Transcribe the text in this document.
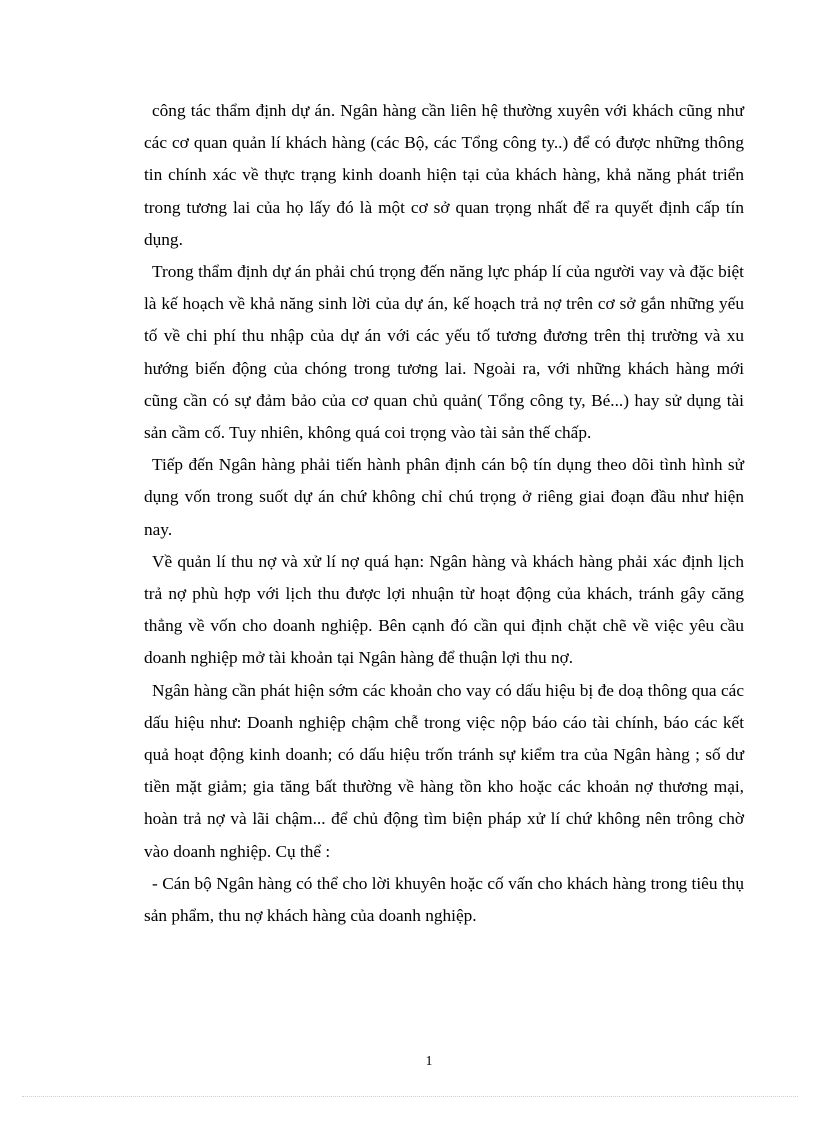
công tác thẩm định dự án. Ngân hàng cần liên hệ thường xuyên với khách cũng như các cơ quan quản lí khách hàng (các Bộ, các Tổng công ty..) để có được những thông tin chính xác về thực trạng kinh doanh hiện tại của khách hàng, khả năng phát triển trong tương lai của họ lấy đó là một cơ sở quan trọng nhất để ra quyết định cấp tín dụng.

Trong thẩm định dự án phải chú trọng đến năng lực pháp lí của người vay và đặc biệt là kế hoạch về khả năng sinh lời của dự án, kế hoạch trả nợ trên cơ sở gắn những yếu tố về chi phí thu nhập của dự án với các yếu tố tương đương trên thị trường và xu hướng biến động của chóng trong tương lai. Ngoài ra, với những khách hàng mới cũng cần có sự đảm bảo của cơ quan chủ quản( Tổng công ty, Bé...) hay sử dụng tài sản cầm cố. Tuy nhiên, không quá coi trọng vào tài sản thế chấp.

Tiếp đến Ngân hàng phải tiến hành phân định cán bộ tín dụng theo dõi tình hình sử dụng vốn trong suốt dự án chứ không chỉ chú trọng ở riêng giai đoạn đầu như hiện nay.

Về quản lí thu nợ và xử lí nợ quá hạn: Ngân hàng và khách hàng phải xác định lịch trả nợ phù hợp với lịch thu được lợi nhuận từ hoạt động của khách, tránh gây căng thẳng về vốn cho doanh nghiệp. Bên cạnh đó cần qui định chặt chẽ về việc yêu cầu doanh nghiệp mở tài khoản tại Ngân hàng để thuận lợi thu nợ.

Ngân hàng cần phát hiện sớm các khoản cho vay có dấu hiệu bị đe doạ thông qua các dấu hiệu như: Doanh nghiệp chậm chễ trong việc nộp báo cáo tài chính, báo các kết quả hoạt động kinh doanh; có dấu hiệu trốn tránh sự kiểm tra của Ngân hàng ; số dư tiền mặt giảm; gia tăng bất thường về hàng tồn kho hoặc các khoản nợ thương mại, hoàn trả nợ và lãi chậm... để chủ động tìm biện pháp xử lí chứ không nên trông chờ vào doanh nghiệp. Cụ thể :

- Cán bộ Ngân hàng có thể cho lời khuyên hoặc cố vấn cho khách hàng trong tiêu thụ sản phẩm, thu nợ khách hàng của doanh nghiệp.

1
